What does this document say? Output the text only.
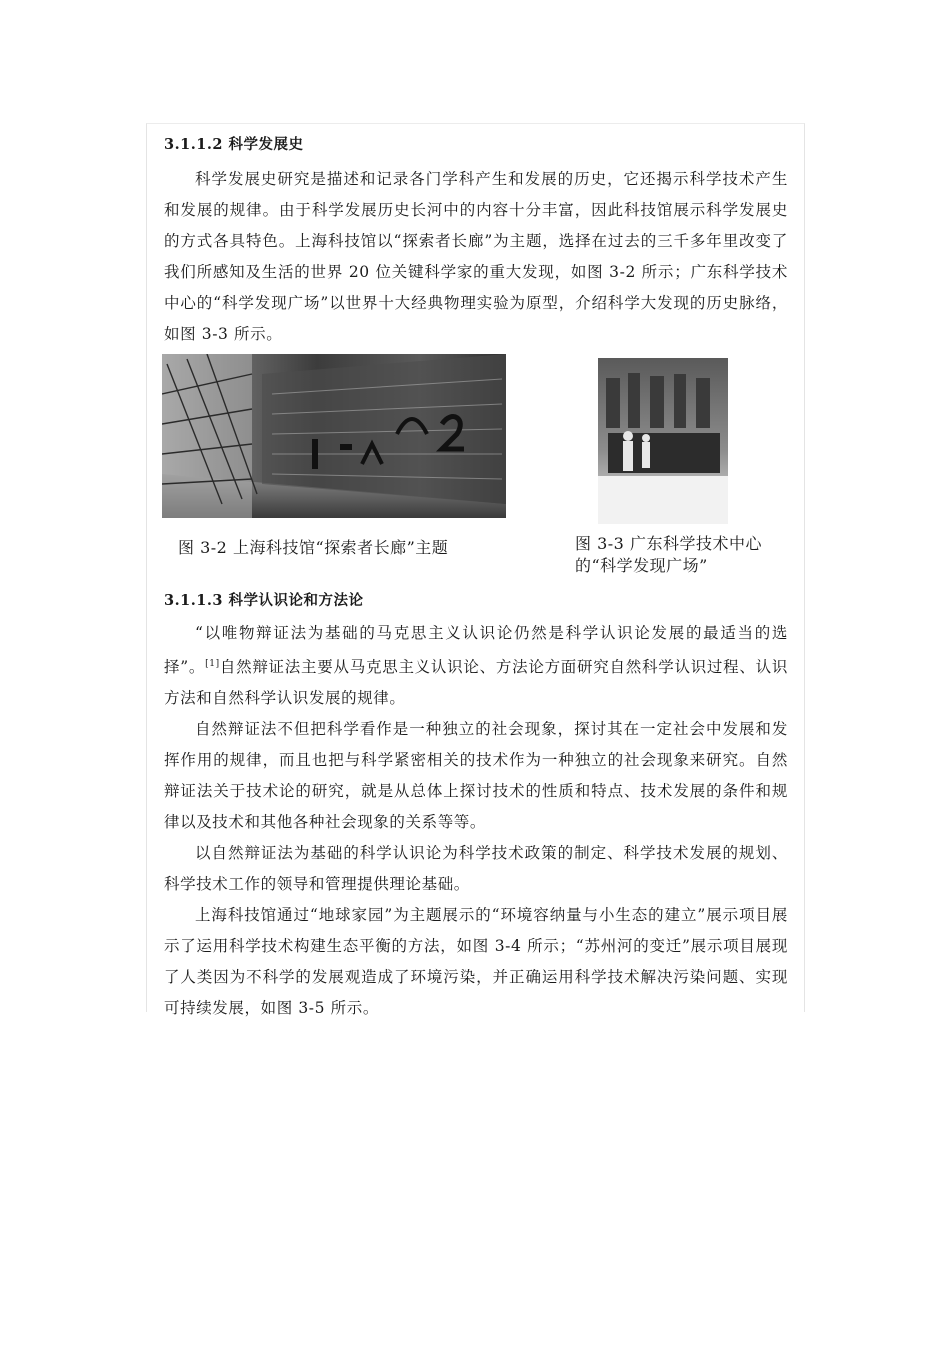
3.1.1.2 科学发展史

科学发展史研究是描述和记录各门学科产生和发展的历史，它还揭示科学技术产生和发展的规律。由于科学发展历史长河中的内容十分丰富，因此科技馆展示科学发展史的方式各具特色。上海科技馆以“探索者长廊”为主题，选择在过去的三千多年里改变了我们所感知及生活的世界 20 位关键科学家的重大发现，如图 3-2 所示；广东科学技术中心的“科学发现广场”以世界十大经典物理实验为原型，介绍科学大发现的历史脉络，如图 3-3 所示。

图 3-2 上海科技馆“探索者长廊”主题	图 3-3 广东科学技术中心的“科学发现广场”
3.1.1.3 科学认识论和方法论

“以唯物辩证法为基础的马克思主义认识论仍然是科学认识论发展的最适当的选择”。[1]自然辩证法主要从马克思主义认识论、方法论方面研究自然科学认识过程、认识方法和自然科学认识发展的规律。

自然辩证法不但把科学看作是一种独立的社会现象，探讨其在一定社会中发展和发挥作用的规律，而且也把与科学紧密相关的技术作为一种独立的社会现象来研究。自然辩证法关于技术论的研究，就是从总体上探讨技术的性质和特点、技术发展的条件和规律以及技术和其他各种社会现象的关系等等。

以自然辩证法为基础的科学认识论为科学技术政策的制定、科学技术发展的规划、科学技术工作的领导和管理提供理论基础。

上海科技馆通过“地球家园”为主题展示的“环境容纳量与小生态的建立”展示项目展示了运用科学技术构建生态平衡的方法，如图 3-4 所示；“苏州河的变迁”展示项目展现了人类因为不科学的发展观造成了环境污染，并正确运用科学技术解决污染问题、实现可持续发展，如图 3-5 所示。
